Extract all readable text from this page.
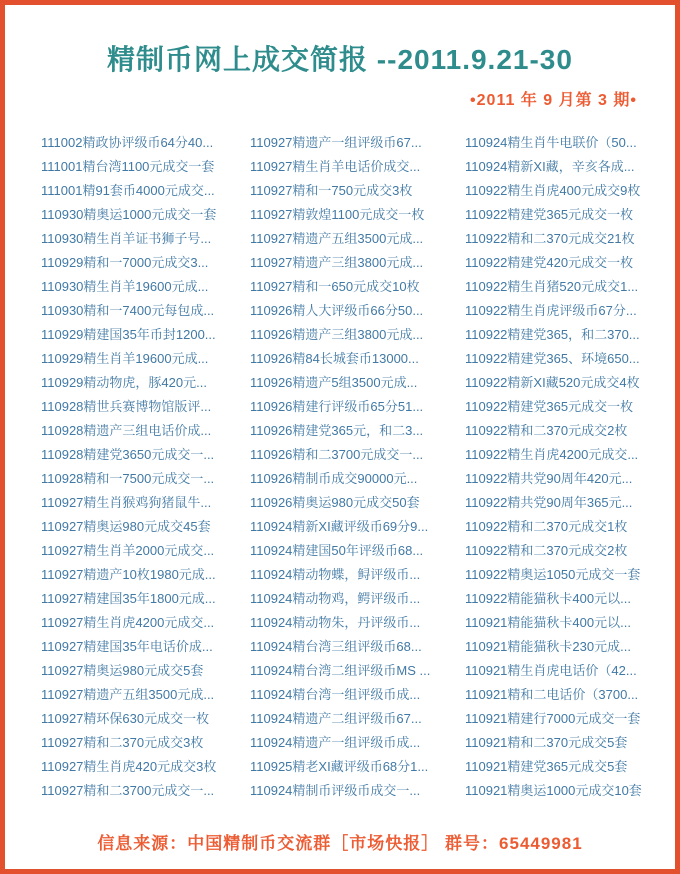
精制币网上成交简报 --2011.9.21-30
•2011 年 9 月第 3 期•
111002精政协评级币64分40...
111001精台湾1100元成交一套
111001精91套币4000元成交...
110930精奥运1000元成交一套
110930精生肖羊证书狮子号...
110929精和一7000元成交3...
110930精生肖羊19600元成...
110930精和一7400元每包成...
110929精建国35年币封1200...
110929精生肖羊19600元成...
110929精动物虎，豚420元...
110928精世兵赛博物馆版评...
110928精遗产三组电话价成...
110928精建党3650元成交一...
110928精和一7500元成交一...
110927精生肖猴鸡狗猪鼠牛...
110927精奥运980元成交45套
110927精生肖羊2000元成交...
110927精遗产10枚1980元成...
110927精建国35年1800元成...
110927精生肖虎4200元成交...
110927精建国35年电话价成...
110927精奥运980元成交5套
110927精遗产五组3500元成...
110927精环保630元成交一枚
110927精和二370元成交3枚
110927精生肖虎420元成交3枚
110927精和二3700元成交一...
110927精遗产一组评级币67...
110927精生肖羊电话价成交...
110927精和一750元成交3枚
110927精敦煌1100元成交一枚
110927精遗产五组3500元成...
110927精遗产三组3800元成...
110927精和一650元成交10枚
110926精人大评级币66分50...
110926精遗产三组3800元成...
110926精84长城套币13000...
110926精遗产5组3500元成...
110926精建行评级币65分51...
110926精建党365元，和二3...
110926精和二3700元成交一...
110926精制币成交90000元...
110926精奥运980元成交50套
110924精新XI藏评级币69分9...
110924精建国50年评级币68...
110924精动物蝶，鲟评级币...
110924精动物鸡，鳄评级币...
110924精动物朱，丹评级币...
110924精台湾三组评级币68...
110924精台湾二组评级币MS ...
110924精台湾一组评级币成...
110924精遗产二组评级币67...
110924精遗产一组评级币成...
110925精老XI藏评级币68分1...
110924精制币评级币成交一...
110924精生肖牛电联价（50...
110924精新XI藏，辛亥各成...
110922精生肖虎400元成交9枚
110922精建党365元成交一枚
110922精和二370元成交21枚
110922精建党420元成交一枚
110922精生肖猪520元成交1...
110922精生肖虎评级币67分...
110922精建党365，和二370...
110922精建党365、环境650...
110922精新XI藏520元成交4枚
110922精建党365元成交一枚
110922精和二370元成交2枚
110922精生肖虎4200元成交...
110922精共党90周年420元...
110922精共党90周年365元...
110922精和二370元成交1枚
110922精和二370元成交2枚
110922精奥运1050元成交一套
110922精能猫秋卡400元以...
110921精能猫秋卡400元以...
110921精能猫秋卡230元成...
110921精生肖虎电话价（42...
110921精和二电话价（3700...
110921精建行7000元成交一套
110921精和二370元成交5套
110921精建党365元成交5套
110921精奥运1000元成交10套
信息来源：中国精制币交流群［市场快报］ 群号：65449981
